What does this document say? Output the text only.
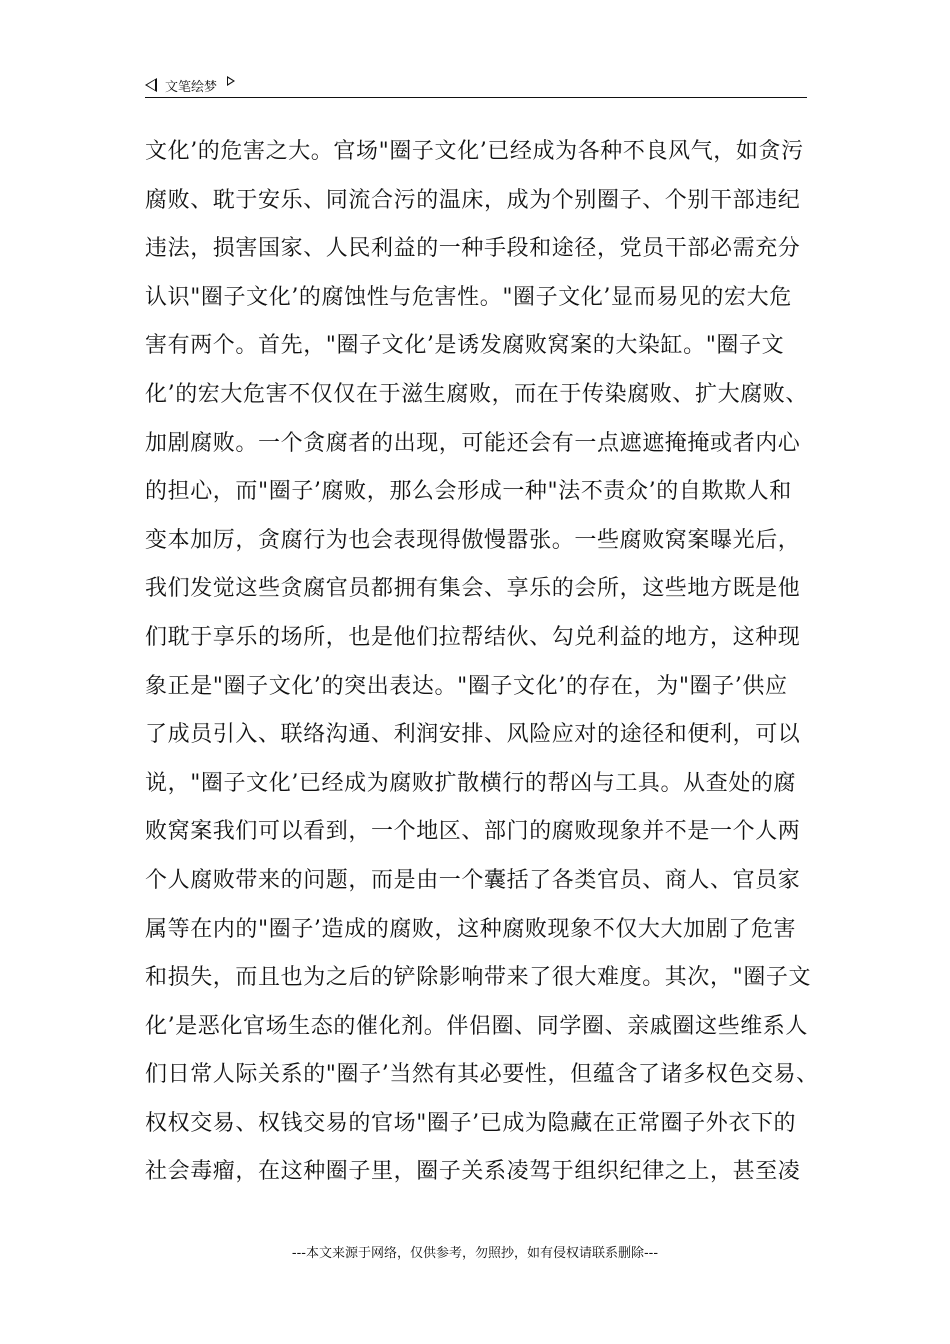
文笔绘梦
文化’的危害之大。官场"圈子文化’已经成为各种不良风气，如贪污
腐败、耽于安乐、同流合污的温床，成为个别圈子、个别干部违纪
违法，损害国家、人民利益的一种手段和途径，党员干部必需充分
认识"圈子文化’的腐蚀性与危害性。"圈子文化’显而易见的宏大危
害有两个。首先，"圈子文化’是诱发腐败窝案的大染缸。"圈子文
化’的宏大危害不仅仅在于滋生腐败，而在于传染腐败、扩大腐败、
加剧腐败。一个贪腐者的出现，可能还会有一点遮遮掩掩或者内心
的担心，而"圈子’腐败，那么会形成一种"法不责众’的自欺欺人和
变本加厉，贪腐行为也会表现得傲慢嚣张。一些腐败窝案曝光后，
我们发觉这些贪腐官员都拥有集会、享乐的会所，这些地方既是他
们耽于享乐的场所，也是他们拉帮结伙、勾兑利益的地方，这种现
象正是"圈子文化’的突出表达。"圈子文化’的存在，为"圈子’供应
了成员引入、联络沟通、利润安排、风险应对的途径和便利，可以
说，"圈子文化’已经成为腐败扩散横行的帮凶与工具。从查处的腐
败窝案我们可以看到，一个地区、部门的腐败现象并不是一个人两
个人腐败带来的问题，而是由一个囊括了各类官员、商人、官员家
属等在内的"圈子’造成的腐败，这种腐败现象不仅大大加剧了危害
和损失，而且也为之后的铲除影响带来了很大难度。其次，"圈子文
化’是恶化官场生态的催化剂。伴侣圈、同学圈、亲戚圈这些维系人
们日常人际关系的"圈子’当然有其必要性，但蕴含了诸多权色交易、
权权交易、权钱交易的官场"圈子’已成为隐藏在正常圈子外衣下的
社会毒瘤，在这种圈子里，圈子关系凌驾于组织纪律之上，甚至凌
---本文来源于网络，仅供参考，勿照抄，如有侵权请联系删除---
